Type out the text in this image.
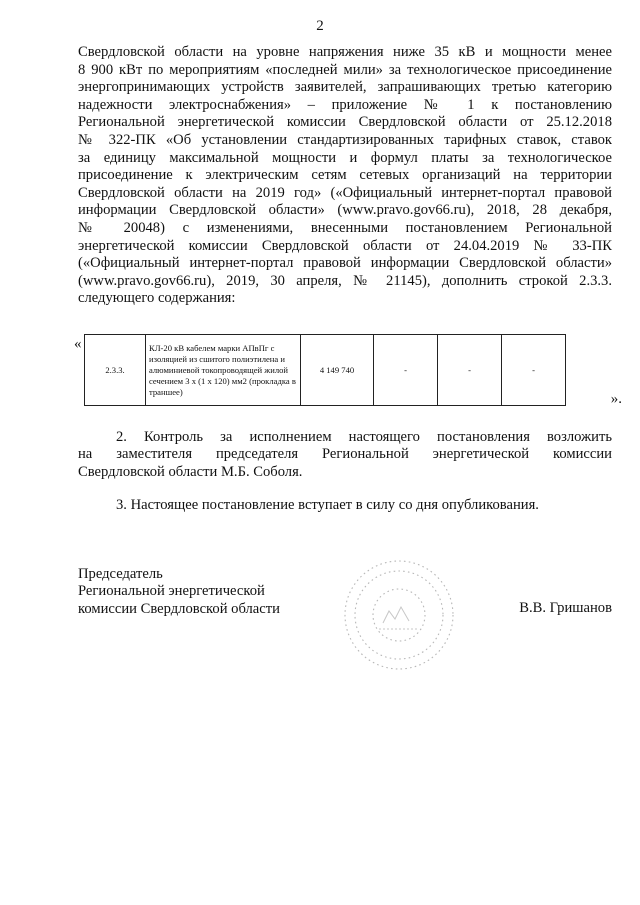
2
Свердловской области на уровне напряжения ниже 35 кВ и мощности менее
8 900 кВт по мероприятиям «последней мили» за технологическое присоединение
энергопринимающих устройств заявителей, запрашивающих третью категорию
надежности электроснабжения» – приложение № 1 к постановлению
Региональной энергетической комиссии Свердловской области от 25.12.2018
№ 322-ПК «Об установлении стандартизированных тарифных ставок, ставок
за единицу максимальной мощности и формул платы за технологическое
присоединение к электрическим сетям сетевых организаций на территории
Свердловской области на 2019 год» («Официальный интернет-портал правовой
информации Свердловской области» (www.pravo.gov66.ru), 2018, 28 декабря,
№ 20048) с изменениями, внесенными постановлением Региональной
энергетической комиссии Свердловской области от 24.04.2019 № 33-ПК
(«Официальный интернет-портал правовой информации Свердловской области»
(www.pravo.gov66.ru), 2019, 30 апреля, № 21145), дополнить строкой 2.3.3.
следующего содержания:
«
2.3.3.	КЛ-20 кВ кабелем марки АПвПг с изоляцией из сшитого полиэтилена и алюминиевой токопроводящей жилой сечением 3 x (1 x 120) мм2 (прокладка в траншее)	4 149 740	-	-	-
».
2. Контроль за исполнением настоящего постановления возложить
на заместителя председателя Региональной энергетической комиссии
Свердловской области М.Б. Соболя.
3. Настоящее постановление вступает в силу со дня опубликования.
Председатель
Региональной энергетической
комиссии Свердловской области	В.В. Гришанов
